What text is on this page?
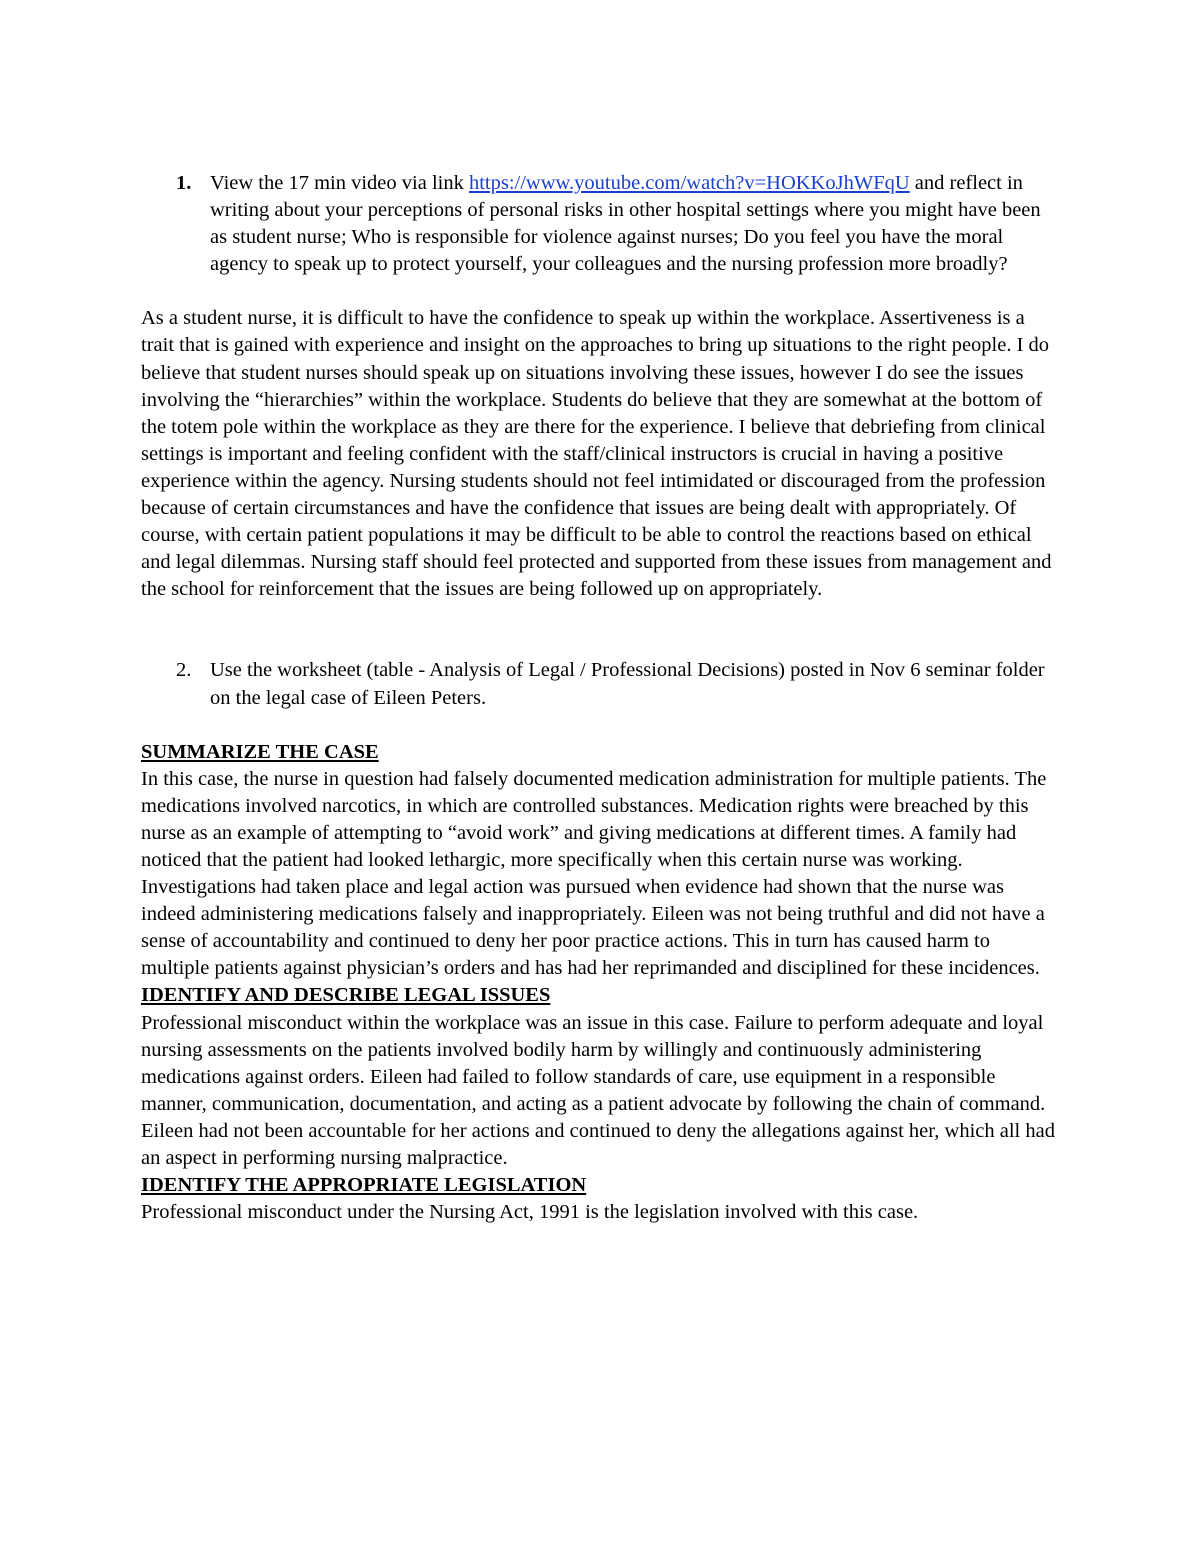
1. View the 17 min video via link https://www.youtube.com/watch?v=HOKKoJhWFqU and reflect in writing about your perceptions of personal risks in other hospital settings where you might have been as student nurse; Who is responsible for violence against nurses; Do you feel you have the moral agency to speak up to protect yourself, your colleagues and the nursing profession more broadly?

As a student nurse, it is difficult to have the confidence to speak up within the workplace. Assertiveness is a trait that is gained with experience and insight on the approaches to bring up situations to the right people. I do believe that student nurses should speak up on situations involving these issues, however I do see the issues involving the “hierarchies” within the workplace. Students do believe that they are somewhat at the bottom of the totem pole within the workplace as they are there for the experience. I believe that debriefing from clinical settings is important and feeling confident with the staff/clinical instructors is crucial in having a positive experience within the agency. Nursing students should not feel intimidated or discouraged from the profession because of certain circumstances and have the confidence that issues are being dealt with appropriately. Of course, with certain patient populations it may be difficult to be able to control the reactions based on ethical and legal dilemmas. Nursing staff should feel protected and supported from these issues from management and the school for reinforcement that the issues are being followed up on appropriately.

2. Use the worksheet (table - Analysis of Legal / Professional Decisions) posted in Nov 6 seminar folder on the legal case of Eileen Peters.

SUMMARIZE THE CASE

In this case, the nurse in question had falsely documented medication administration for multiple patients. The medications involved narcotics, in which are controlled substances. Medication rights were breached by this nurse as an example of attempting to “avoid work” and giving medications at different times. A family had noticed that the patient had looked lethargic, more specifically when this certain nurse was working. Investigations had taken place and legal action was pursued when evidence had shown that the nurse was indeed administering medications falsely and inappropriately. Eileen was not being truthful and did not have a sense of accountability and continued to deny her poor practice actions. This in turn has caused harm to multiple patients against physician’s orders and has had her reprimanded and disciplined for these incidences.

IDENTIFY AND DESCRIBE LEGAL ISSUES

Professional misconduct within the workplace was an issue in this case. Failure to perform adequate and loyal nursing assessments on the patients involved bodily harm by willingly and continuously administering medications against orders. Eileen had failed to follow standards of care, use equipment in a responsible manner, communication, documentation, and acting as a patient advocate by following the chain of command. Eileen had not been accountable for her actions and continued to deny the allegations against her, which all had an aspect in performing nursing malpractice.

IDENTIFY THE APPROPRIATE LEGISLATION

Professional misconduct under the Nursing Act, 1991 is the legislation involved with this case.
